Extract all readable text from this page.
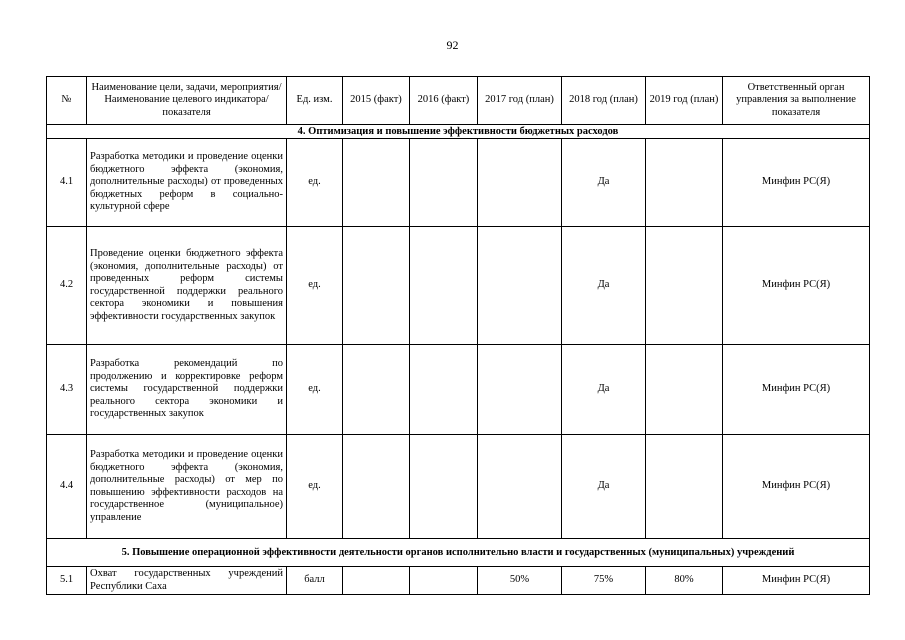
92
№	Наименование цели, задачи, мероприятия/ Наименование целевого индикатора/ показателя	Ед. изм.	2015 (факт)	2016 (факт)	2017 год (план)	2018 год (план)	2019 год (план)	Ответственный орган управления за выполнение показателя
4. Оптимизация и повышение эффективности бюджетных расходов								
4.1	Разработка методики и проведение оценки бюджетного эффекта (экономия, дополнительные расходы) от проведенных бюджетных реформ в социально-культурной сфере	ед.				Да		Минфин РС(Я)
4.2	Проведение оценки бюджетного эффекта (экономия, дополнительные расходы) от проведенных реформ системы государственной поддержки реального сектора экономики и повышения эффективности государственных закупок	ед.				Да		Минфин РС(Я)
4.3	Разработка рекомендаций по продолжению и корректировке реформ системы государственной поддержки реального сектора экономики и государственных закупок	ед.				Да		Минфин РС(Я)
4.4	Разработка методики и проведение оценки бюджетного эффекта (экономия, дополнительные расходы) от мер по повышению эффективности расходов на государственное (муниципальное) управление	ед.				Да		Минфин РС(Я)
5. Повышение операционной эффективности деятельности органов исполнительно власти и государственных (муниципальных) учреждений								
5.1	Охват государственных учреждений Республики Саха	балл			50%	75%	80%	Минфин РС(Я)
